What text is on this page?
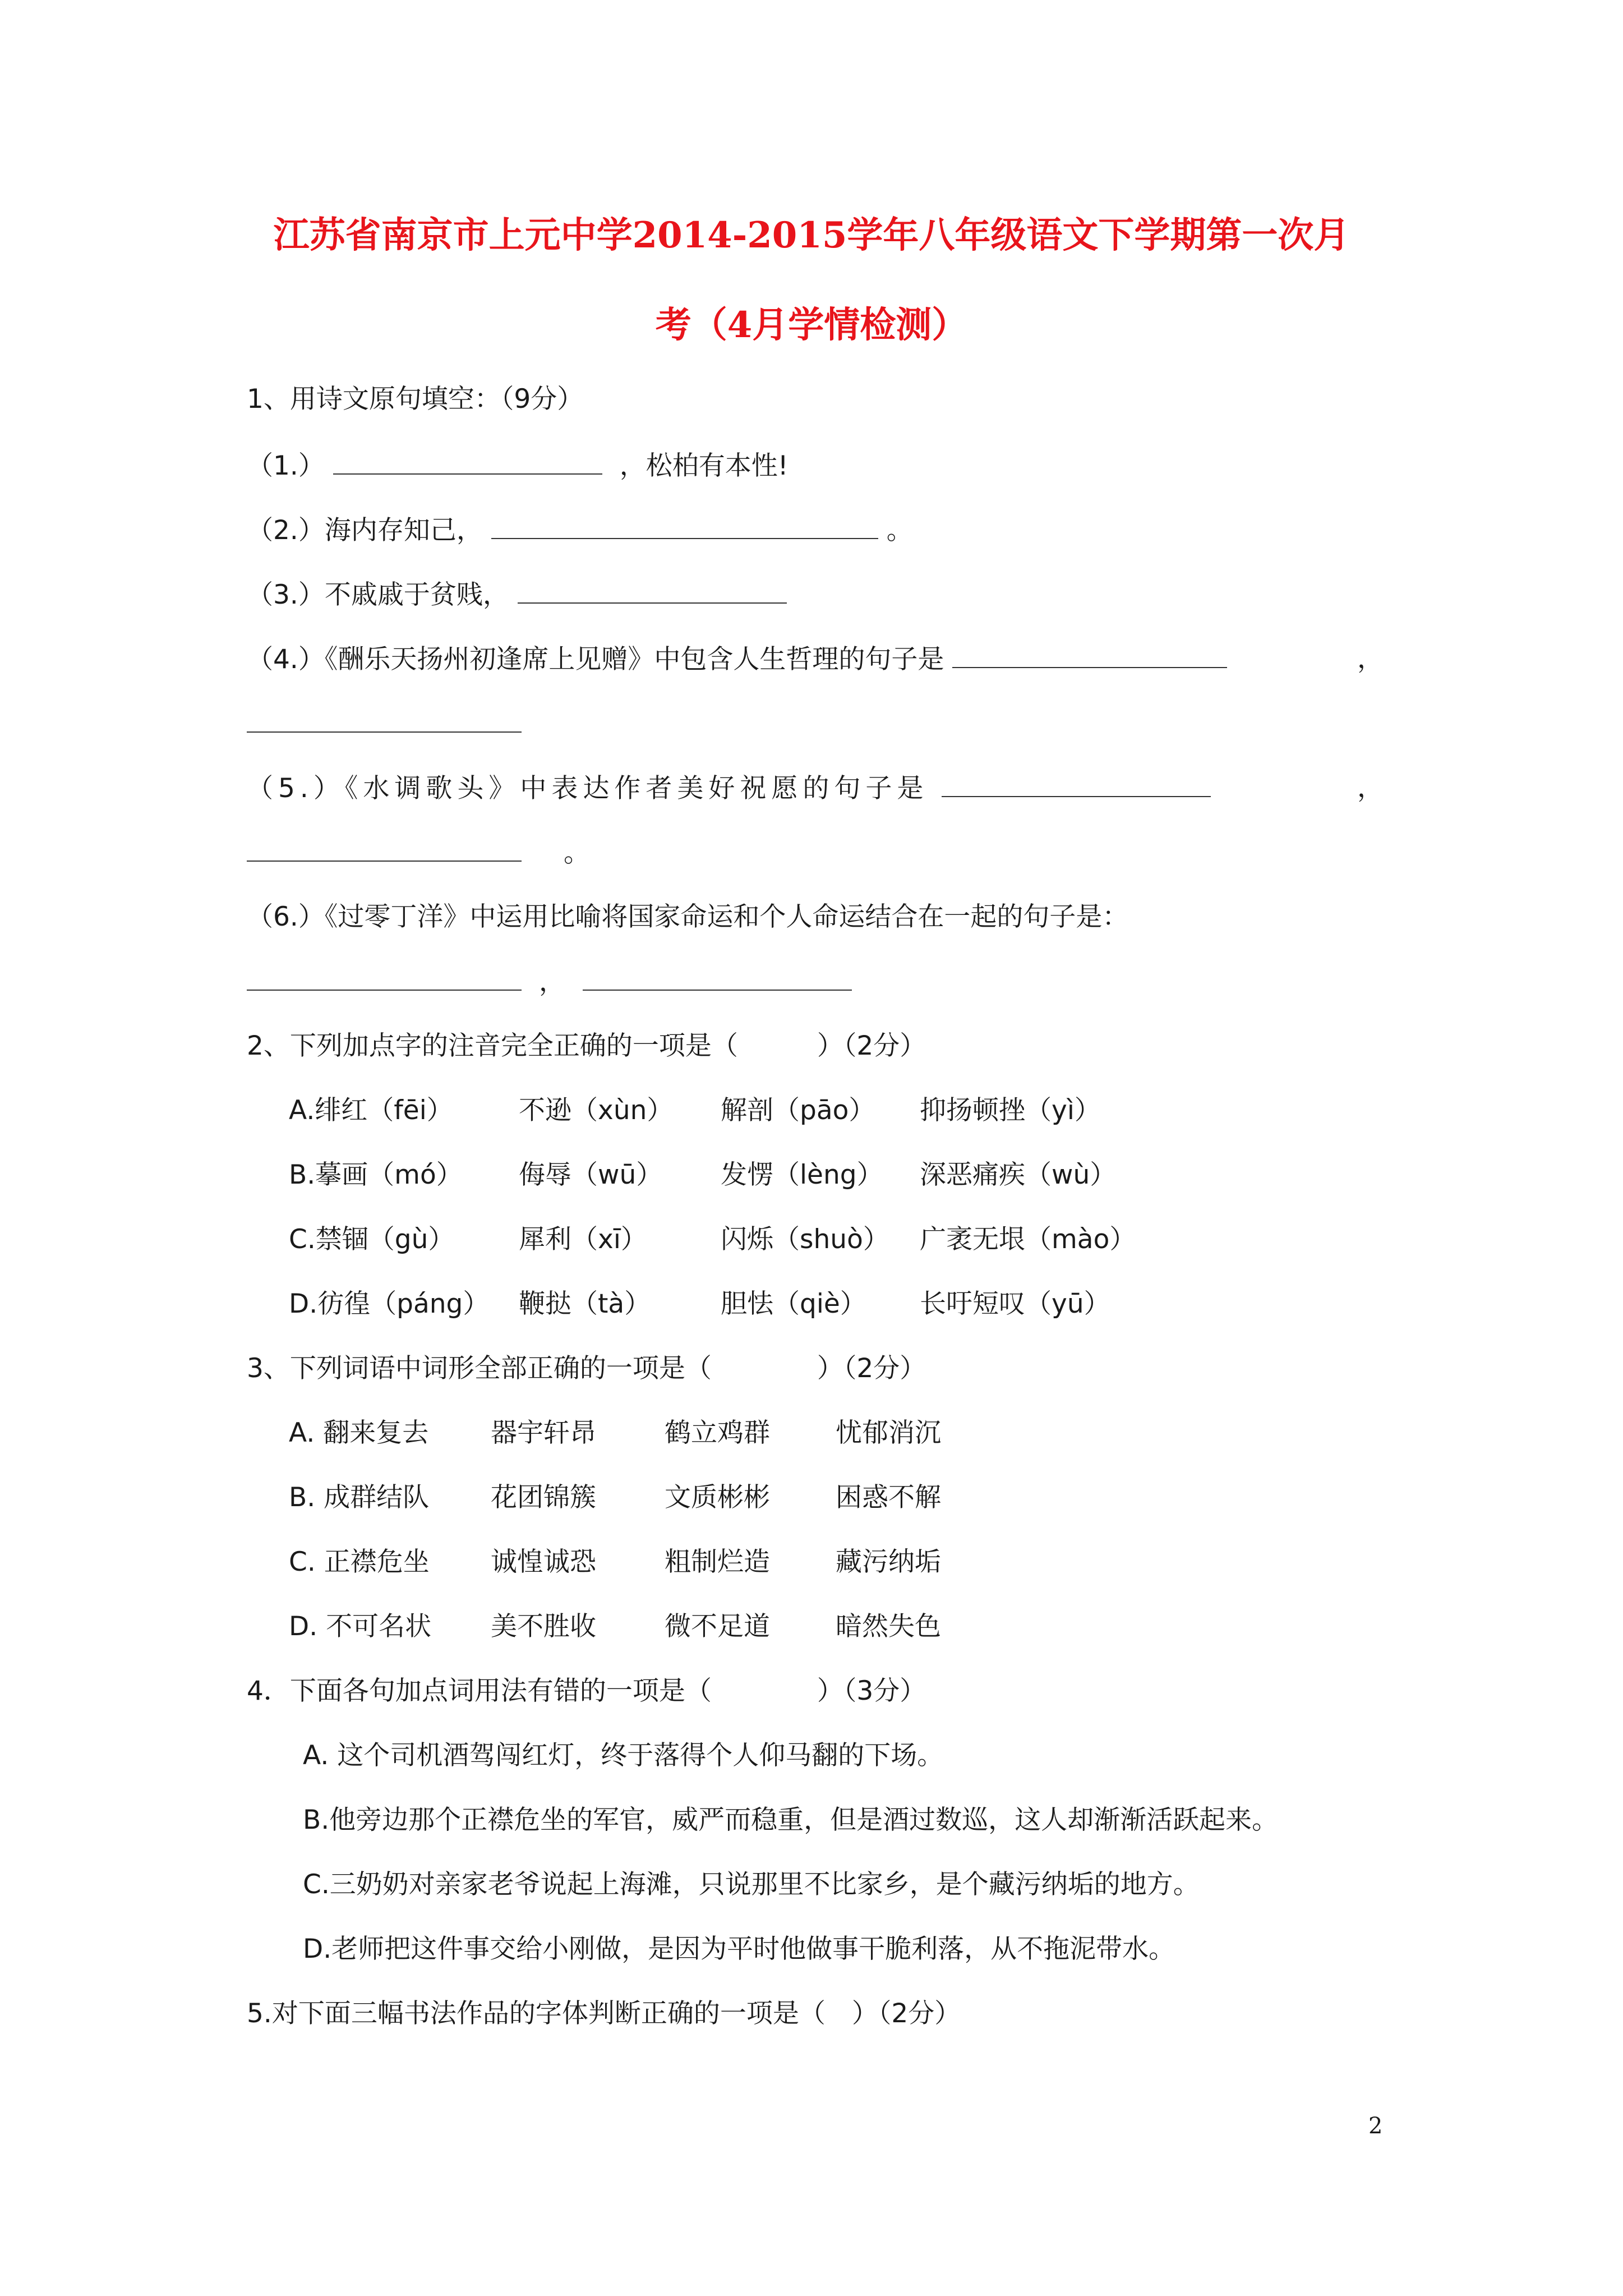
江苏省南京市上元中学2014-2015学年八年级语文下学期第一次月
考（4月学情检测）
1、用诗文原句填空：（9分）
（1.）	，松柏有本性!
（2.）海内存知己，	。
（3.）不戚戚于贫贱，
（4.）《酬乐天扬州初逢席上见赠》中包含人生哲理的句子是	，
（5.）《水调歌头》中表达作者美好祝愿的句子是	，
。
（6.）《过零丁洋》中运用比喻将国家命运和个人命运结合在一起的句子是：
，
2、下列加点字的注音完全正确的一项是（　　　）（2分）
A.绯红（fēi） 不逊（xùn） 解剖（pāo） 抑扬顿挫（yì）
B.摹画（mó） 侮辱（wū） 发愣（lèng） 深恶痛疾（wù）
C.禁锢（gù） 犀利（xī）	闪烁（shuò） 广袤无垠（mào）
D.彷徨（páng） 鞭挞（tà）	胆怯（qiè） 长吁短叹（yū）
3、下列词语中词形全部正确的一项是（　　　　）（2分）
A. 翻来复去 器宇轩昂	鹤立鸡群 忧郁消沉
B. 成群结队 花团锦簇	文质彬彬 困惑不解
C. 正襟危坐 诚惶诚恐	粗制烂造 藏污纳垢
D. 不可名状 美不胜收	微不足道 暗然失色
4．下面各句加点词用法有错的一项是（　　　　）（3分）
A. 这个司机酒驾闯红灯，终于落得个人仰马翻的下场。
B.他旁边那个正襟危坐的军官，威严而稳重，但是酒过数巡，这人却渐渐活跃起来。
C.三奶奶对亲家老爷说起上海滩，只说那里不比家乡，是个藏污纳垢的地方。
D.老师把这件事交给小刚做，是因为平时他做事干脆利落，从不拖泥带水。
5.对下面三幅书法作品的字体判断正确的一项是（　）（2分）
2
